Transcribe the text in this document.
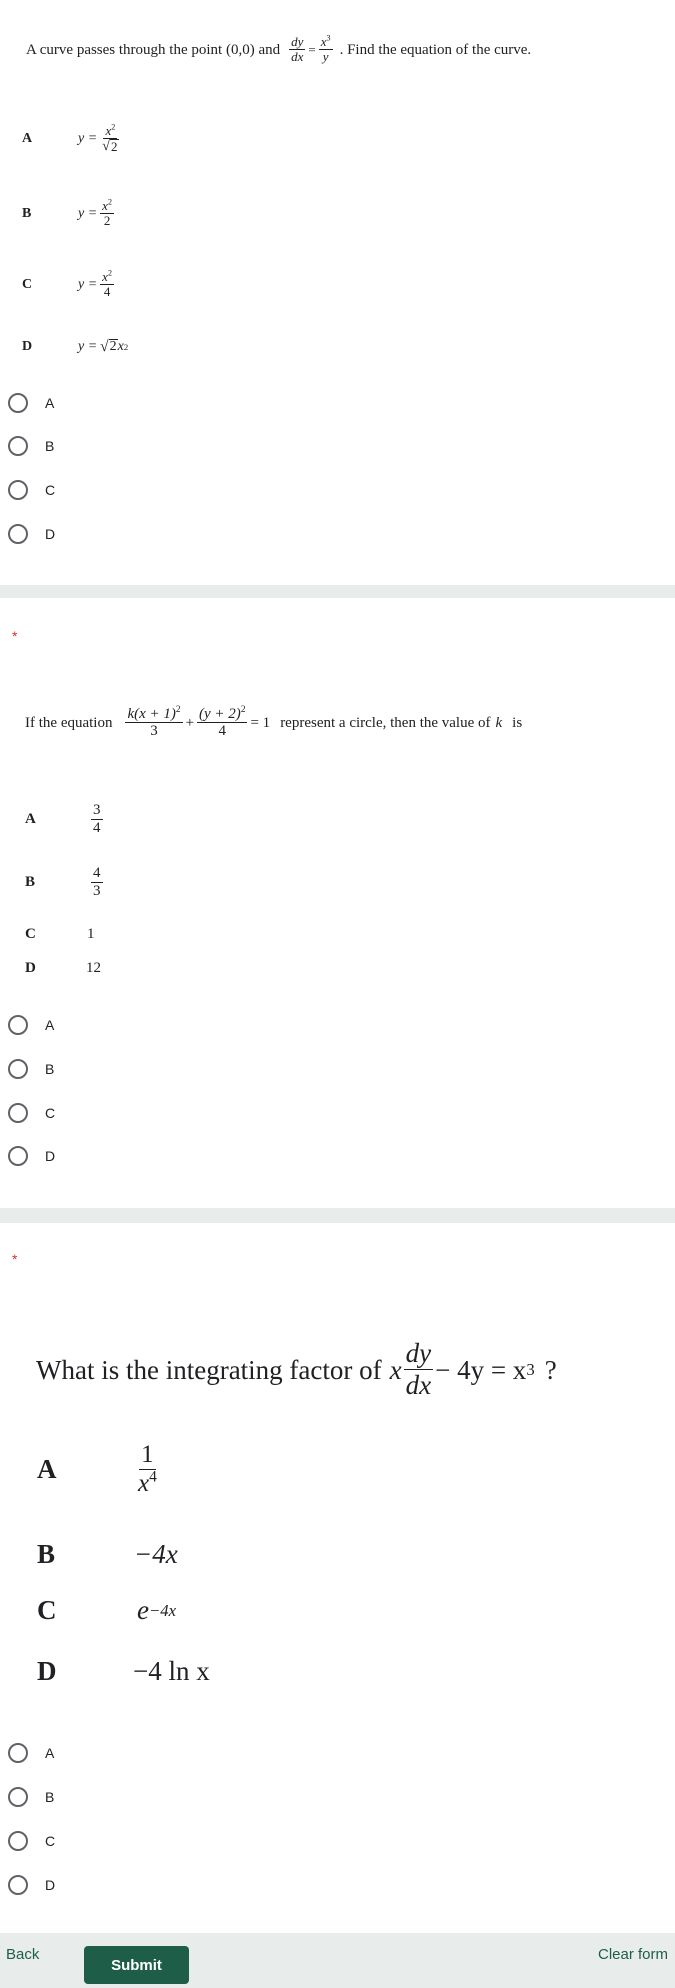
A curve passes through the point (0,0) and $\frac{dy}{dx} = \frac{x^3}{y}$ . Find the equation of the curve.
A	$y = \frac{x^2}{√ 2}$
B	$y = \frac{x^2}{2}$
C	$y = \frac{x^2}{4}$
D	y = √ 2 x 2
A
B
C
D
*
If the equation $\frac{k(x + 1)^2}{3} + \frac{(y + 2)^2}{4} = 1$ represent a circle, then the value of k is
A	$\frac{3}{4}$
B	$\frac{4}{3}$
C	1
D	12
A
B
C
D
*
What is the integrating factor of x $\frac{dy}{dx} - 4y = x$ 3 ?
A	$\frac{1}{x^4}$
B	−4x
C	e −4x
D	−4 ln x
A
B
C
D
Back
Submit
Clear form
